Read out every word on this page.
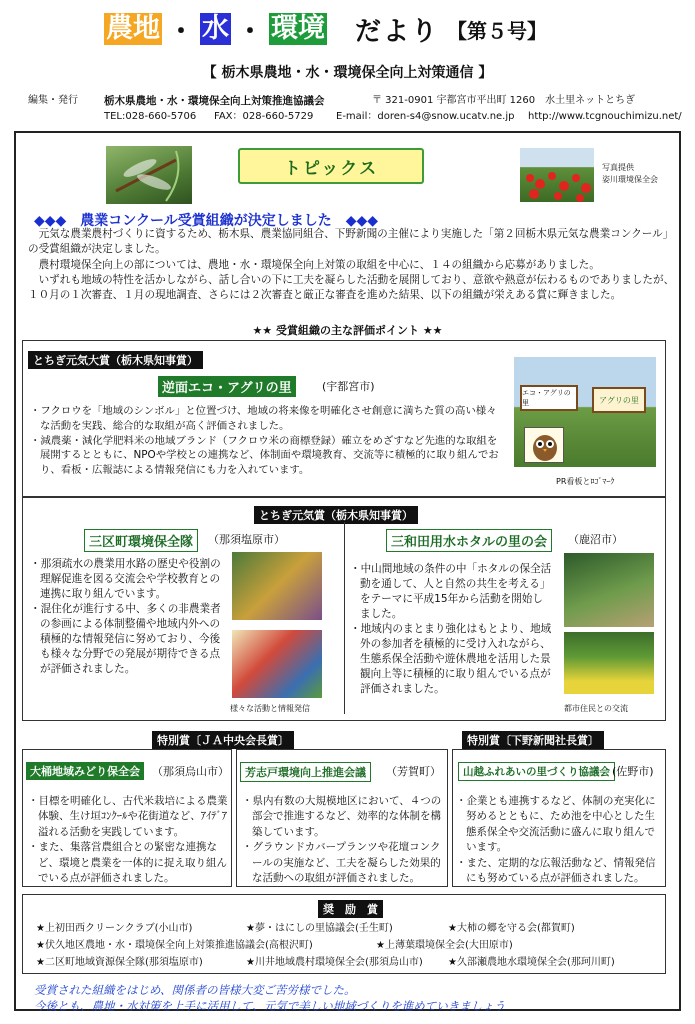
農地 ・ 水 ・ 環境 だより 【第５号】
【 栃木県農地・水・環境保全向上対策通信 】
編集・発行 栃木県農地・水・環境保全向上対策推進協議会	〒 321-0901 宇都宮市平出町 1260　水土里ネットとちぎ
TEL:028-660-5706 FAX：028-660-5729 E-mail：doren-s4@snow.ucatv.ne.jp http://www.tcgnouchimizu.net/
トピックス	写真提供
姿川環境保全会
◆◆◆　農業コンクール受賞組織が決定しました　◆◆◆
　元気な農業農村づくりに資するため、栃木県、農業協同組合、下野新聞の主催により実施した「第２回栃木県元気な農業コンクール」の受賞組織が決定しました。
　農村環境保全向上の部については、農地・水・環境保全向上対策の取組を中心に、１４の組織から応募がありました。
　いずれも地域の特性を活かしながら、話し合いの下に工夫を凝らした活動を展開しており、意欲や熱意が伝わるものでありましたが、１０月の１次審査、１月の現地調査、さらには２次審査と厳正な審査を進めた結果、以下の組織が栄えある賞に輝きました。
★★ 受賞組織の主な評価ポイント ★★
とちぎ元気大賞（栃木県知事賞）
逆面エコ・アグリの里	(宇都宮市)
・フクロウを「地域のシンボル」と位置づけ、地域の将来像を明確化させ創意に満ちた質の高い様々な活動を実践、総合的な取組が高く評価されました。
・減農薬・減化学肥料米の地域ブランド（フクロウ米の商標登録）確立をめざすなど先進的な取組を展開するとともに、NPOや学校との連携など、体制面や環境教育、交流等に積極的に取り組んでおり、看板・広報誌による情報発信にも力を入れています。
エコ・アグリの里	アグリの里
PR看板とﾛｺﾞﾏｰｸ
とちぎ元気賞（栃木県知事賞）
三区町環境保全隊	（那須塩原市）
・那須疏水の農業用水路の歴史や役割の理解促進を図る交流会や学校教育との連携に取り組んでいます。
・混住化が進行する中、多くの非農業者の参画による体制整備や地域内外への積極的な情報発信に努めており、今後も様々な分野での発展が期待できる点が評価されました。
様々な活動と情報発信
三和田用水ホタルの里の会	（鹿沼市）
・中山間地域の条件の中「ホタルの保全活動を通して、人と自然の共生を考える」をテーマに平成15年から活動を開始しました。
・地域内のまとまり強化はもとより、地域外の参加者を積極的に受け入れながら、生態系保全活動や遊休農地を活用した景観向上等に積極的に取り組んでいる点が評価されました。
都市住民との交流
特別賞〔ＪＡ中央会長賞〕	特別賞〔下野新聞社長賞〕
大桶地域みどり保全会	（那須烏山市）
・目標を明確化し、古代米栽培による農業体験、生け垣ｺﾝｸｰﾙや花街道など、ｱｲﾃﾞｱ溢れる活動を実践しています。
・また、集落営農組合との緊密な連携など、環境と農業を一体的に捉え取り組んでいる点が評価されました。
芳志戸環境向上推進会議	（芳賀町）
・県内有数の大規模地区において、４つの部会で推進するなど、効率的な体制を構築しています。
・グラウンドカバープランツや花壇コンクールの実施など、工夫を凝らした効果的な活動への取組が評価されました。
山越ふれあいの里づくり協議会 (佐野市)
・企業とも連携するなど、体制の充実化に努めるとともに、ため池を中心とした生態系保全や交流活動に盛んに取り組んでいます。
・また、定期的な広報活動など、情報発信にも努めている点が評価されました。
奨　励　賞
★上初田西クリーンクラブ(小山市)	★夢・はにしの里協議会(壬生町)	★大柿の郷を守る会(都賀町)
★伏久地区農地・水・環境保全向上対策推進協議会(高根沢町)	★上薄葉環境保全会(大田原市)
★二区町地域資源保全隊(那須塩原市)	★川井地域農村環境保全会(那須烏山市)	★久部瀬農地水環境保全会(那珂川町)
受賞された組織をはじめ、関係者の皆様大変ご苦労様でした。
今後とも、農地・水対策を上手に活用して、元気で美しい地域づくりを進めていきましょう
